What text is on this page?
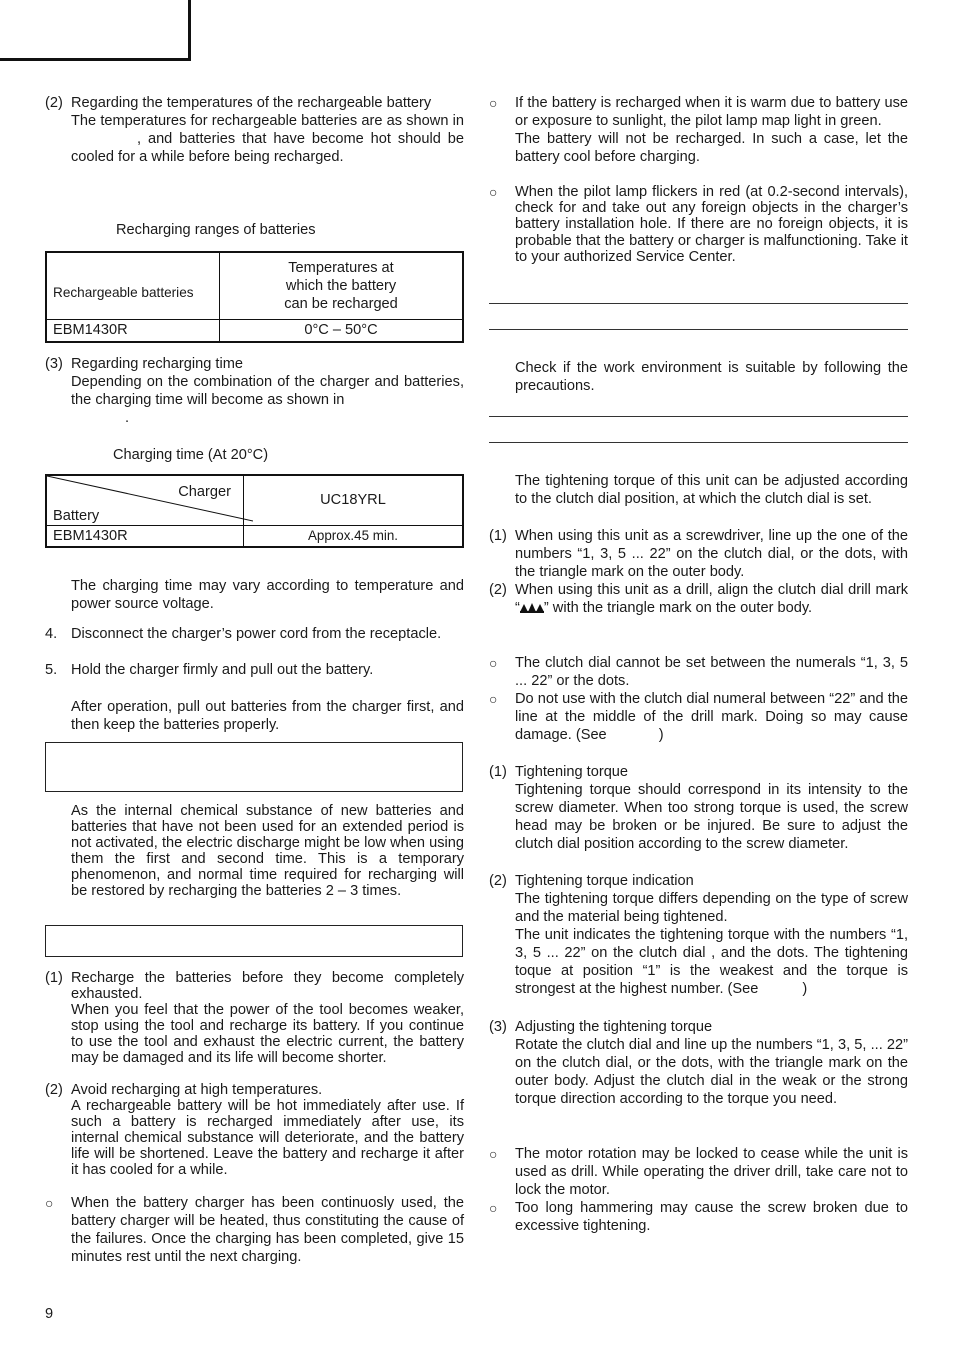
(2) Regarding the temperatures of the rechargeable battery

The temperatures for rechargeable batteries are as shown in, and batteries that have become hot should be cooled for a while before being recharged.

Recharging ranges of batteries
Rechargeable batteries	Temperatures at
which the battery
can be recharged

EBM1430R	0°C – 50°C
(3) Regarding recharging time

Depending on the combination of the charger and batteries, the charging time will become as shown in

.

Charging time (At 20°C)
Charger
Battery	UC18YRL
EBM1430R	Approx.45 min.

The charging time may vary according to temperature and power source voltage.

4. Disconnect the charger’s power cord from the receptacle.

5. Hold the charger firmly and pull out the battery.

After operation, pull out batteries from the charger first, and then keep the batteries properly.

As the internal chemical substance of new batteries and batteries that have not been used for an extended period is not activated, the electric discharge might be low when using them the first and second time. This is a temporary phenomenon, and normal time required for recharging will be restored by recharging the batteries 2 – 3 times.

(1) Recharge the batteries before they become completely exhausted.

When you feel that the power of the tool becomes weaker, stop using the tool and recharge its battery. If you continue to use the tool and exhaust the electric current, the battery may be damaged and its life will become shorter.

(2) Avoid recharging at high temperatures.

A rechargeable battery will be hot immediately after use. If such a battery is recharged immediately after use, its internal chemical substance will deteriorate, and the battery life will be shortened. Leave the battery and recharge it after it has cooled for a while.

○	When the battery charger has been continuosly used, the battery charger will be heated, thus constituting the cause of the failures. Once the charging has been completed, give 15 minutes rest until the next charging.

9
○	If the battery is recharged when it is warm due to battery use or exposure to sunlight, the pilot lamp map light in green.

The battery will not be recharged. In such a case, let the battery cool before charging.

○	When the pilot lamp flickers in red (at 0.2-second intervals), check for and take out any foreign objects in the charger’s battery installation hole. If there are no foreign objects, it is probable that the battery or charger is malfunctioning. Take it to your authorized Service Center.

Check if the work environment is suitable by following the precautions.

The tightening torque of this unit can be adjusted according to the clutch dial position, at which the clutch dial is set.

(1) When using this unit as a screwdriver, line up the one of the numbers “1, 3, 5 ... 22” on the clutch dial, or the dots, with the triangle mark on the outer body.

(2) When using this unit as a drill, align the clutch dial drill mark “ ” with the triangle mark on the outer body.

○	The clutch dial cannot be set between the numerals “1, 3, 5 ... 22” or the dots.

○	Do not use with the clutch dial numeral between “22” and the line at the middle of the drill mark. Doing so may cause damage. (See	)

(1) Tightening torque

Tightening torque should correspond in its intensity to the screw diameter. When too strong torque is used, the screw head may be broken or be injured. Be sure to adjust the clutch dial position according to the screw diameter.

(2) Tightening torque indication

The tightening torque differs depending on the type of screw and the material being tightened.

The unit indicates the tightening torque with the numbers “1, 3, 5 ... 22” on the clutch dial , and the dots. The tightening toque at position “1” is the weakest and the torque is strongest at the highest number. (See	)

(3) Adjusting the tightening torque

Rotate the clutch dial and line up the numbers “1, 3, 5, ... 22” on the clutch dial, or the dots, with the triangle mark on the outer body. Adjust the clutch dial in the weak or the strong torque direction according to the torque you need.

○	The motor rotation may be locked to cease while the unit is used as drill. While operating the driver drill, take care not to lock the motor.

○	Too long hammering may cause the screw broken due to excessive tightening.
